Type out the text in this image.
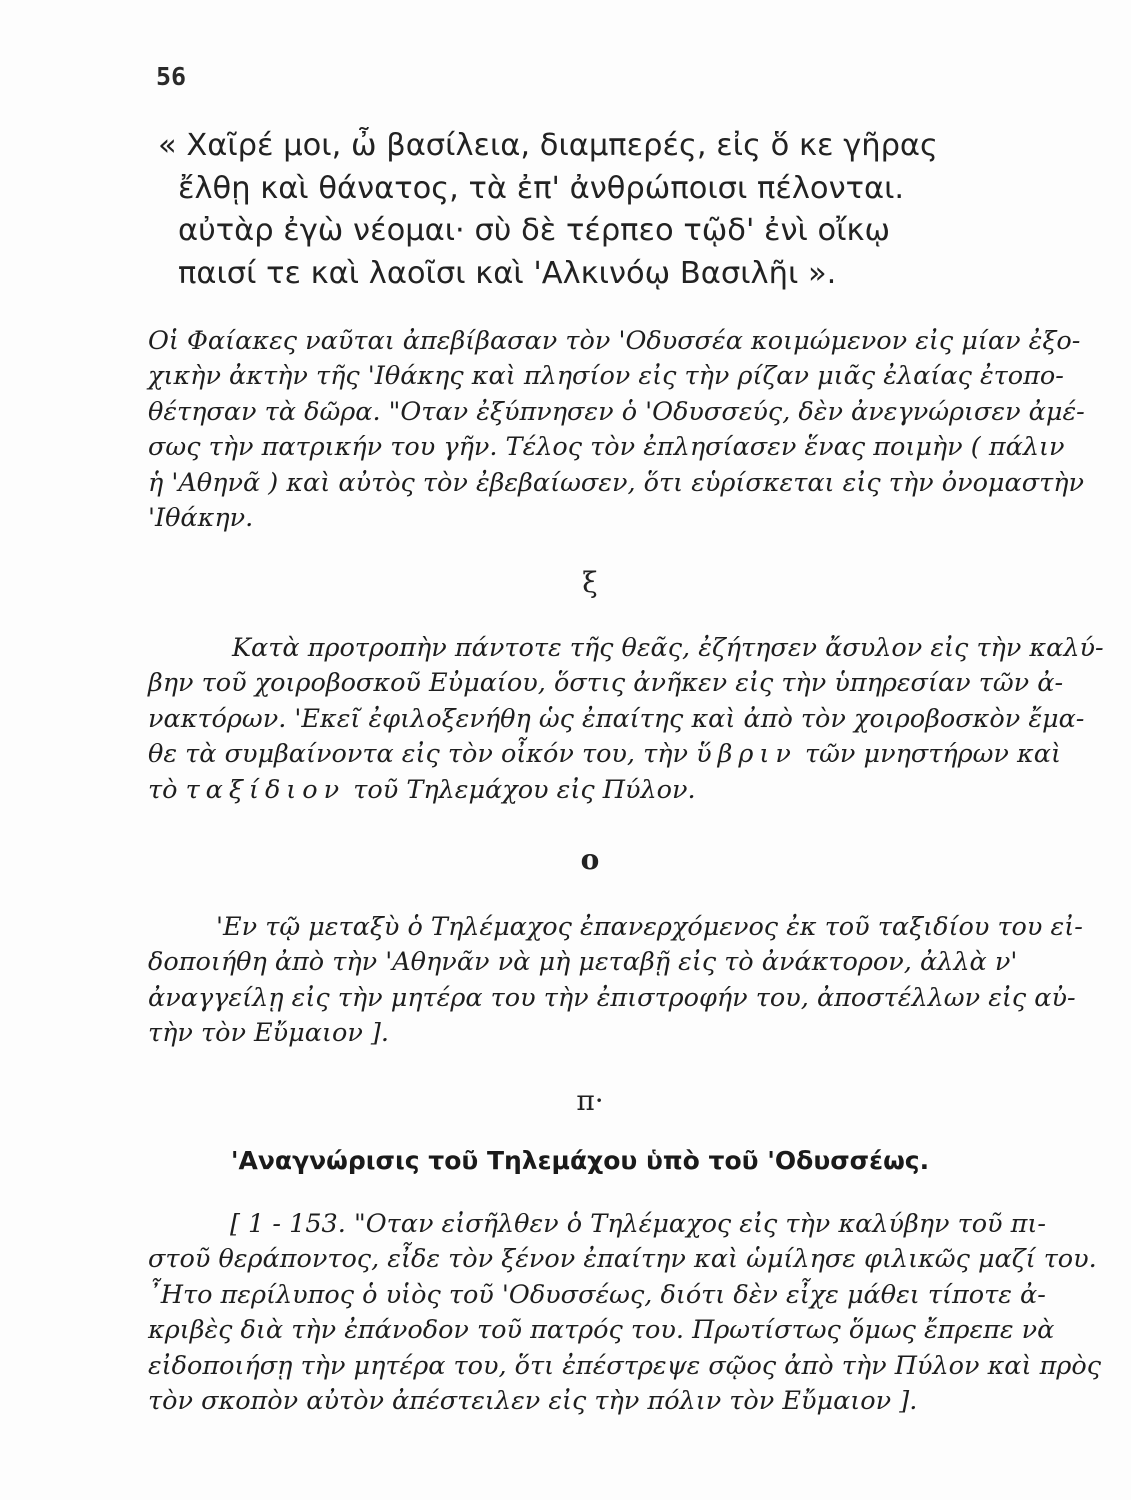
56
« Χαῖρέ μοι, ὦ βασίλεια, διαμπερές, εἰς ὅ κε γῆρας
ἔλθῃ καὶ θάνατος, τὰ ἐπ' ἀνθρώποισι πέλονται.
αὐτὰρ ἐγὼ νέομαι· σὺ δὲ τέρπεο τῷδ' ἐνὶ οἴκῳ
παισί τε καὶ λαοῖσι καὶ 'Αλκινόῳ Βασιλῆι ».
Οἱ Φαίακες ναῦται ἀπεβίβασαν τὸν 'Οδυσσέα κοιμώμενον εἰς μίαν ἐξο-
χικὴν ἀκτὴν τῆς 'Ιθάκης καὶ πλησίον εἰς τὴν ρίζαν μιᾶς ἐλαίας ἐτοπο-
θέτησαν τὰ δῶρα. "Οταν ἐξύπνησεν ὁ 'Οδυσσεύς, δὲν ἀνεγνώρισεν ἀμέ-
σως τὴν πατρικήν του γῆν. Τέλος τὸν ἐπλησίασεν ἕνας ποιμὴν ( πάλιν
ἡ 'Αθηνᾶ ) καὶ αὐτὸς τὸν ἐβεβαίωσεν, ὅτι εὑρίσκεται εἰς τὴν ὀνομαστὴν
'Ιθάκην.
ξ
Κατὰ προτροπὴν πάντοτε τῆς θεᾶς, ἐζήτησεν ἄσυλον εἰς τὴν καλύ-
βην τοῦ χοιροβοσκοῦ Εὐμαίου, ὅστις ἀνῆκεν εἰς τὴν ὑπηρεσίαν τῶν ἀ-
νακτόρων. 'Εκεῖ ἐφιλοξενήθη ὡς ἐπαίτης καὶ ἀπὸ τὸν χοιροβοσκὸν ἔμα-
θε τὰ συμβαίνοντα εἰς τὸν οἶκόν του, τὴν ὕβριν τῶν μνηστήρων καὶ
τὸ ταξίδιον τοῦ Τηλεμάχου εἰς Πύλον.
ο
'Εν τῷ μεταξὺ ὁ Τηλέμαχος ἐπανερχόμενος ἐκ τοῦ ταξιδίου του εἰ-
δοποιήθη ἀπὸ τὴν 'Αθηνᾶν νὰ μὴ μεταβῇ εἰς τὸ ἀνάκτορον, ἀλλὰ ν'
ἀναγγείλῃ εἰς τὴν μητέρα του τὴν ἐπιστροφήν του, ἀποστέλλων εἰς αὐ-
τὴν τὸν Εὔμαιον ].
π·
'Αναγνώρισις τοῦ Τηλεμάχου ὑπὸ τοῦ 'Οδυσσέως.
[ 1 - 153. "Οταν εἰσῆλθεν ὁ Τηλέμαχος εἰς τὴν καλύβην τοῦ πι-
στοῦ θεράποντος, εἶδε τὸν ξένον ἐπαίτην καὶ ὡμίλησε φιλικῶς μαζί του.
῏Ητο περίλυπος ὁ υἱὸς τοῦ 'Οδυσσέως, διότι δὲν εἶχε μάθει τίποτε ἀ-
κριβὲς διὰ τὴν ἐπάνοδον τοῦ πατρός του. Πρωτίστως ὅμως ἔπρεπε νὰ
εἰδοποιήσῃ τὴν μητέρα του, ὅτι ἐπέστρεψε σῷος ἀπὸ τὴν Πύλον καὶ πρὸς
τὸν σκοπὸν αὐτὸν ἀπέστειλεν εἰς τὴν πόλιν τὸν Εὔμαιον ].
